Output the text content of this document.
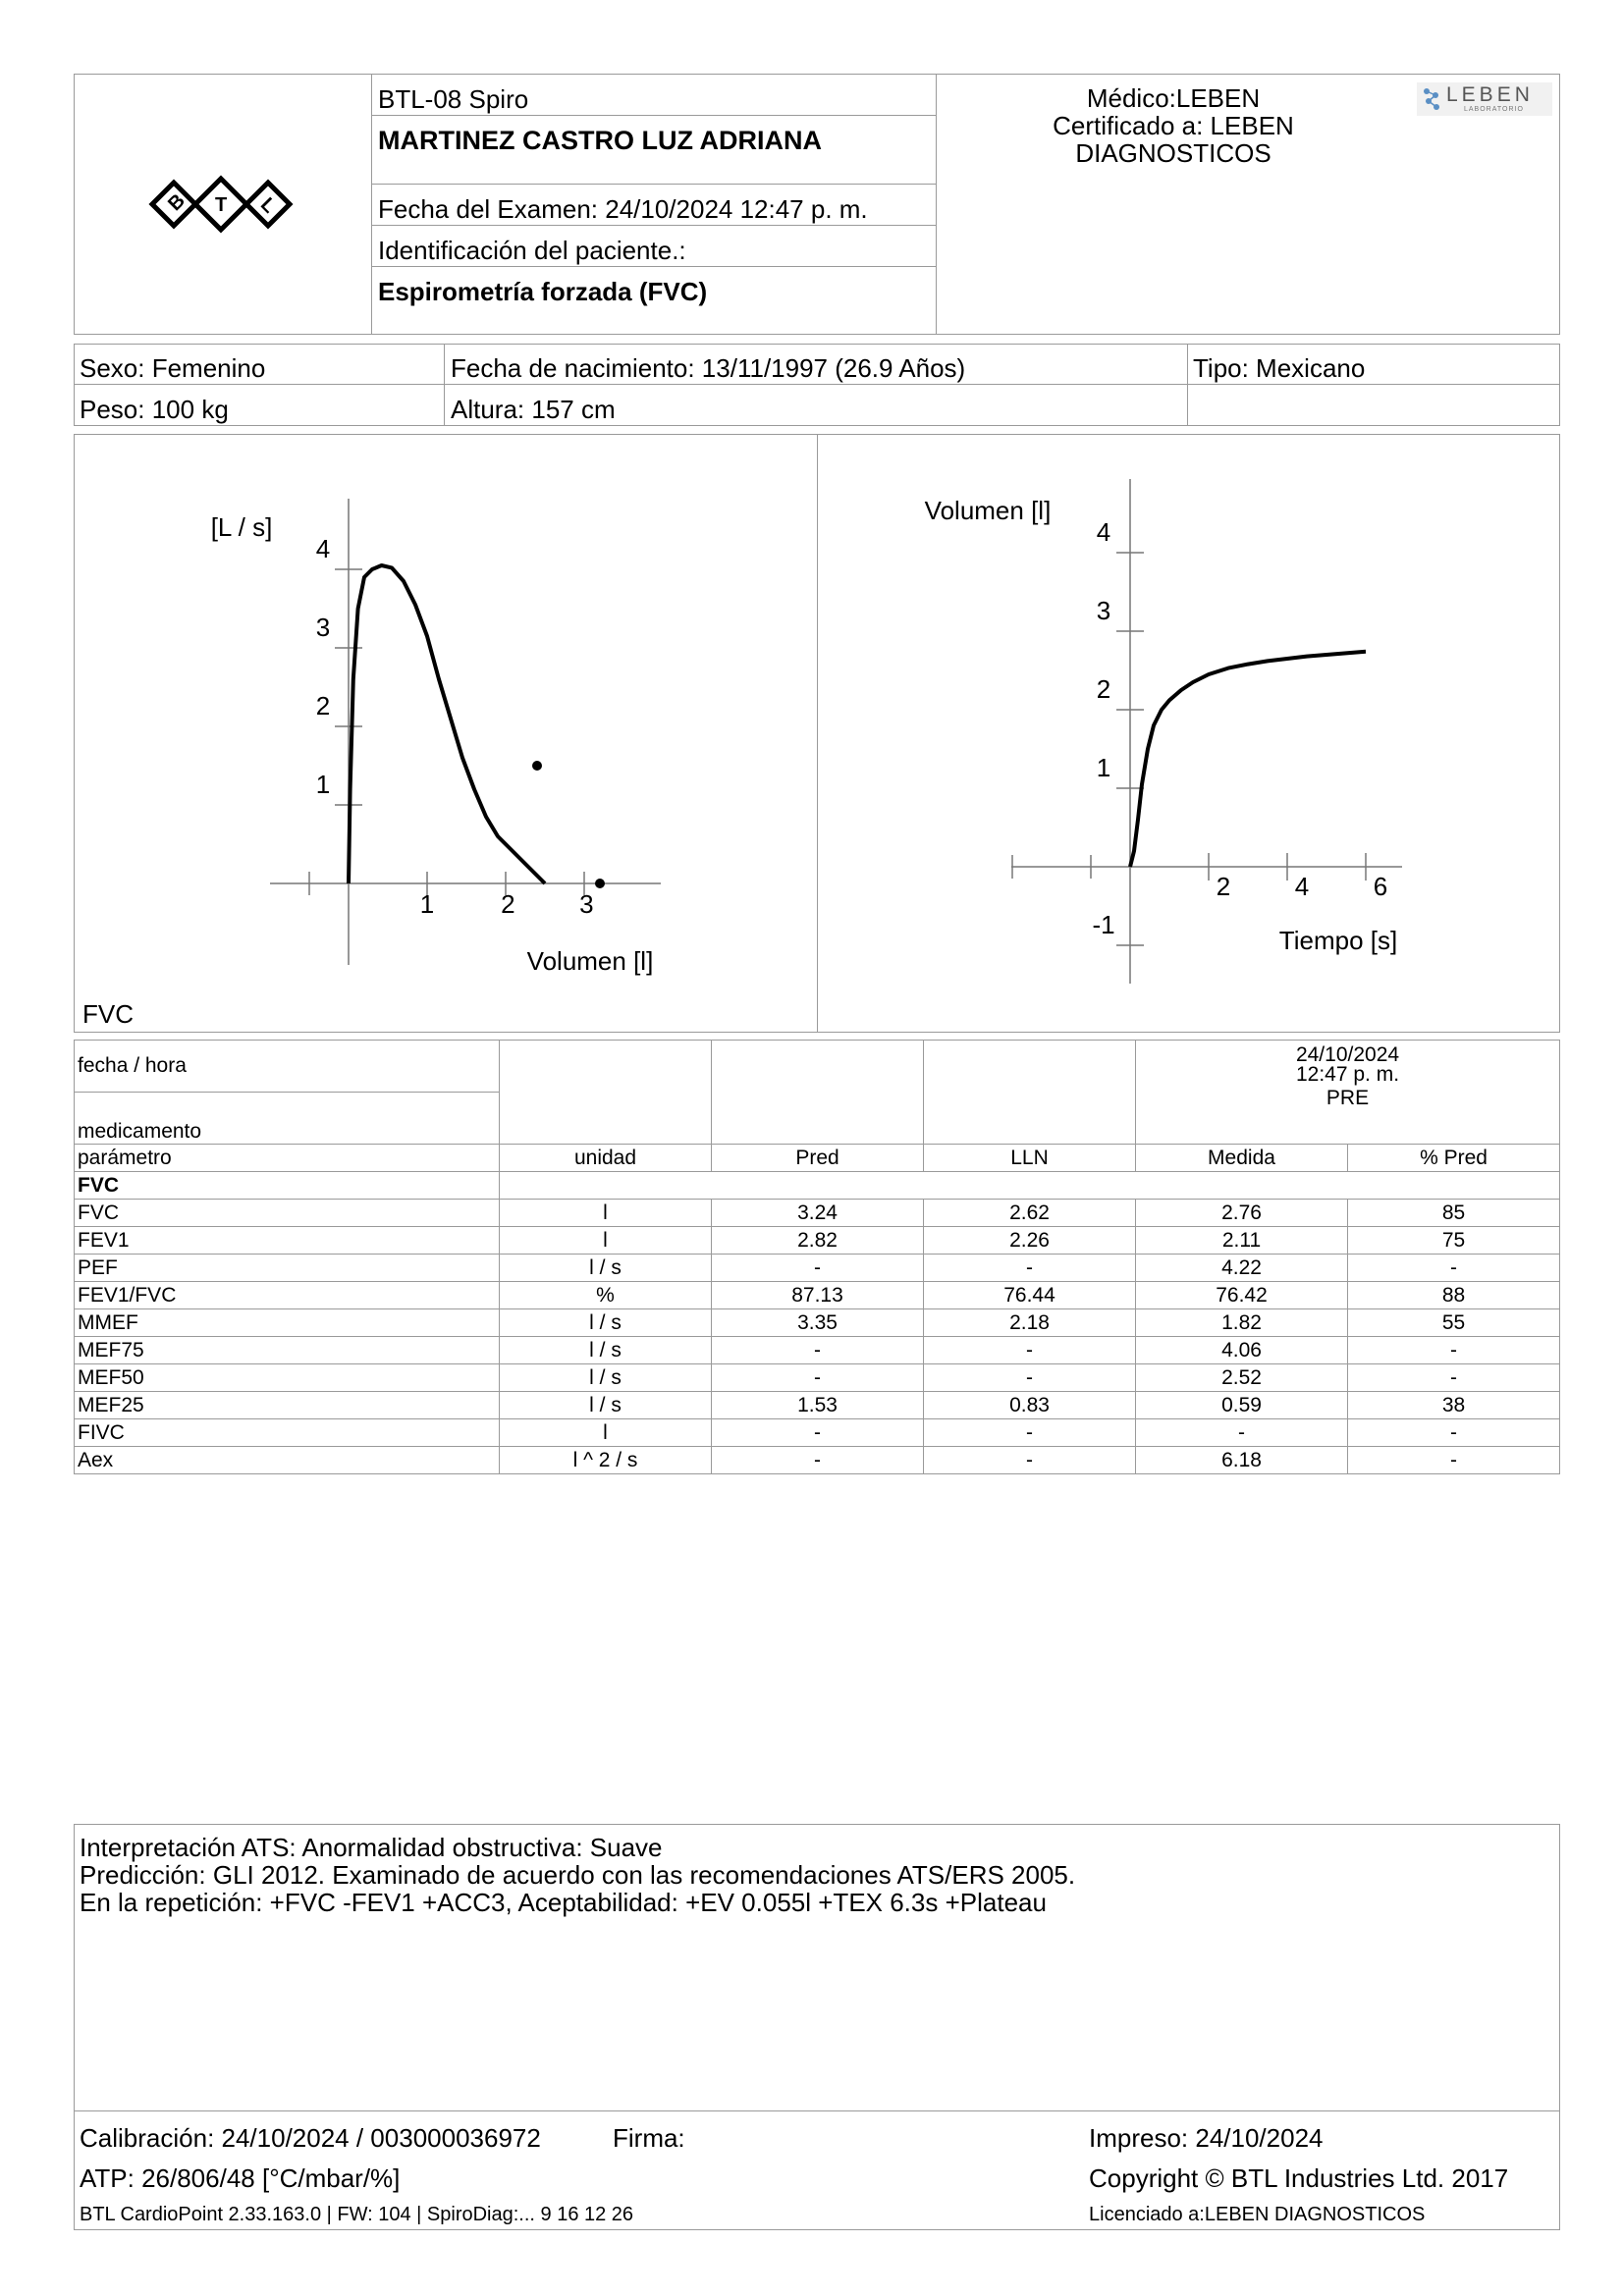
B T L
BTL-08 Spiro
MARTINEZ CASTRO LUZ ADRIANA
Fecha del Examen: 24/10/2024 12:47 p. m.
Identificación del paciente.:
Espirometría forzada (FVC)
Médico:LEBEN
Certificado a: LEBEN
DIAGNOSTICOS
LEBEN
LABORATORIO
Sexo: Femenino	Fecha de nacimiento: 13/11/1997 (26.9 Años)	Tipo: Mexicano
Peso: 100 kg	Altura: 157 cm
FVC
1	2	3
1
2
3
4
[L / s]
Volumen [l]
2	4	6
-1
1
2
3
4
Volumen [l]
Tiempo [s]
fecha / hora				24/10/2024
12:47 p. m.
PRE	

medicamento					
parámetro	unidad	Pred	LLN	Medida	% Pred
FVC					
FVC	l	3.24	2.62	2.76	85
FEV1	l	2.82	2.26	2.11	75
PEF	l / s	-	-	4.22	-
FEV1/FVC	%	87.13	76.44	76.42	88
MMEF	l / s	3.35	2.18	1.82	55
MEF75	l / s	-	-	4.06	-
MEF50	l / s	-	-	2.52	-
MEF25	l / s	1.53	0.83	0.59	38
FIVC	l	-	-	-	-
Aex	l ^ 2 / s	-	-	6.18	-
Interpretación ATS: Anormalidad obstructiva: Suave
Predicción: GLI 2012. Examinado de acuerdo con las recomendaciones ATS/ERS 2005.
En la repetición: +FVC -FEV1 +ACC3, Aceptabilidad: +EV 0.055l +TEX 6.3s +Plateau
Calibración: 24/10/2024 / 003000036972	Firma:	Impreso: 24/10/2024
ATP: 26/806/48 [°C/mbar/%]	Copyright © BTL Industries Ltd. 2017
BTL CardioPoint 2.33.163.0 | FW: 104 | SpiroDiag:... 9 16 12 26	Licenciado a:LEBEN DIAGNOSTICOS
